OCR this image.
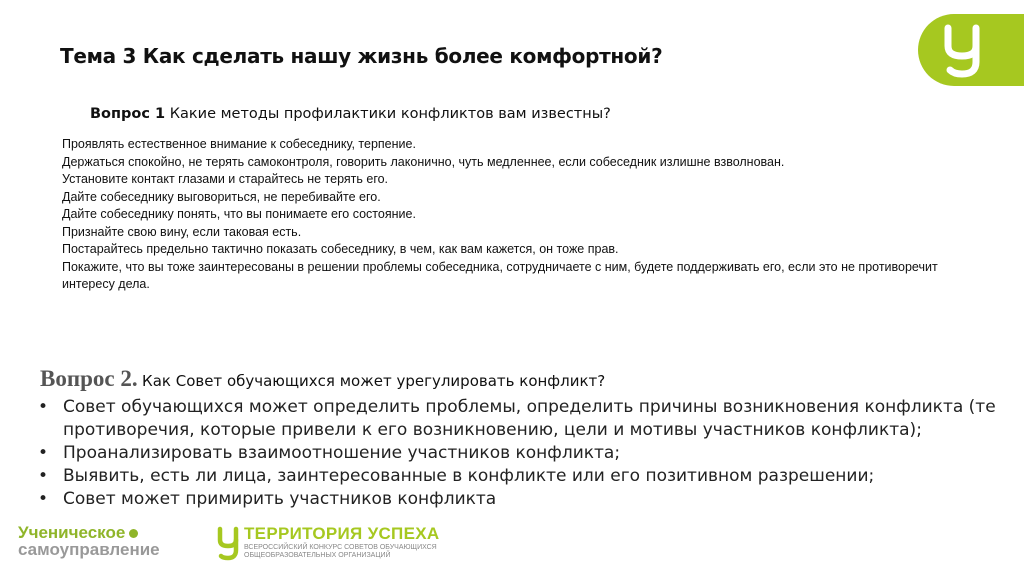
Тема 3 Как сделать нашу жизнь более комфортной?
Вопрос 1 Какие методы профилактики конфликтов вам известны?
Проявлять естественное внимание к собеседнику, терпение.
Держаться спокойно, не терять самоконтроля, говорить лаконично, чуть медленнее, если собеседник излишне взволнован.
Установите контакт глазами и старайтесь не терять его.
Дайте собеседнику выговориться, не перебивайте его.
Дайте собеседнику понять, что вы понимаете его состояние.
Признайте свою вину, если таковая есть.
Постарайтесь предельно тактично показать собеседнику, в чем, как вам кажется, он тоже прав.
Покажите, что вы тоже заинтересованы в решении проблемы собеседника, сотрудничаете с ним, будете поддерживать его, если это не противоречит интересу дела.
Вопрос 2. Как Совет обучающихся может урегулировать конфликт?
• Совет обучающихся может определить проблемы, определить причины возникновения конфликта (те противоречия, которые привели к его возникновению, цели и мотивы участников конфликта);
• Проанализировать взаимоотношение участников конфликта;
• Выявить, есть ли лица, заинтересованные в конфликте или его позитивном разрешении;
• Совет может примирить участников конфликта
Ученическое
самоуправление
ТЕРРИТОРИЯ УСПЕХА
ВСЕРОССИЙСКИЙ КОНКУРС СОВЕТОВ ОБУЧАЮЩИХСЯ
ОБЩЕОБРАЗОВАТЕЛЬНЫХ ОРГАНИЗАЦИЙ
